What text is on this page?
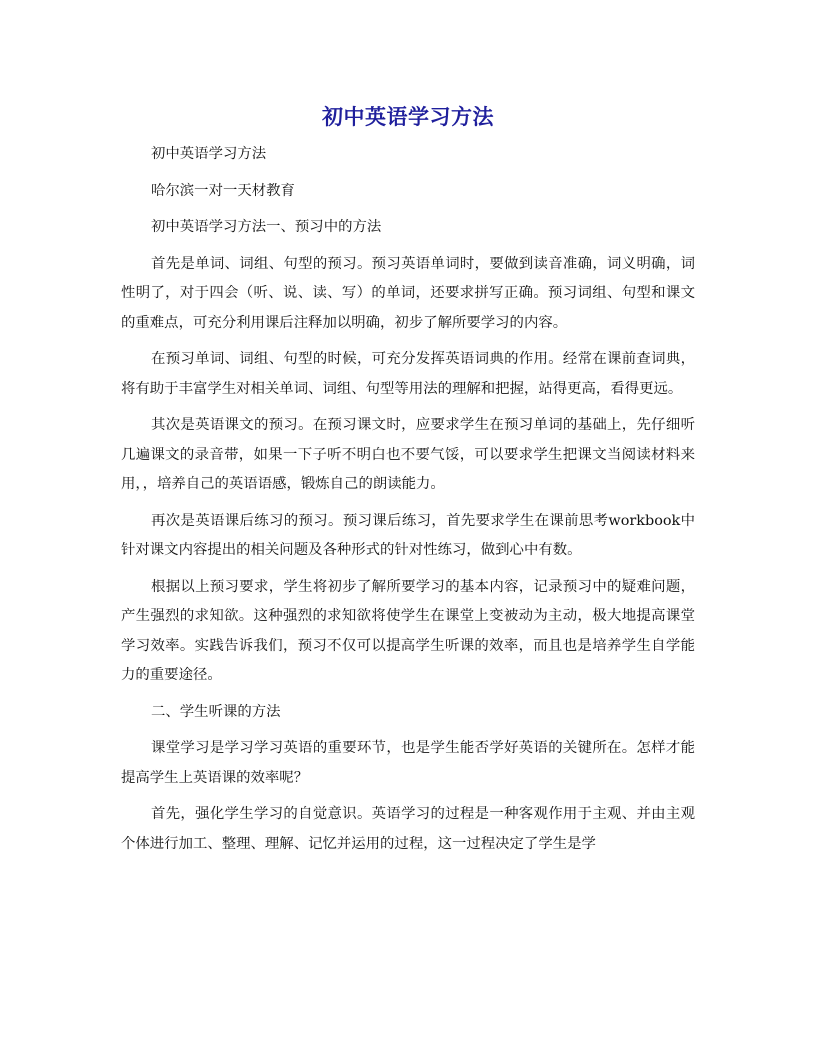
初中英语学习方法

初中英语学习方法

哈尔滨一对一天材教育

初中英语学习方法一、预习中的方法

首先是单词、词组、句型的预习。预习英语单词时，要做到读音准确，词义明确，词性明了，对于四会（听、说、读、写）的单词，还要求拼写正确。预习词组、句型和课文的重难点，可充分利用课后注释加以明确，初步了解所要学习的内容。

在预习单词、词组、句型的时候，可充分发挥英语词典的作用。经常在课前查词典，将有助于丰富学生对相关单词、词组、句型等用法的理解和把握，站得更高，看得更远。

其次是英语课文的预习。在预习课文时，应要求学生在预习单词的基础上，先仔细听几遍课文的录音带，如果一下子听不明白也不要气馁，可以要求学生把课文当阅读材料来用，，培养自己的英语语感，锻炼自己的朗读能力。

再次是英语课后练习的预习。预习课后练习，首先要求学生在课前思考workbook中针对课文内容提出的相关问题及各种形式的针对性练习，做到心中有数。

根据以上预习要求，学生将初步了解所要学习的基本内容，记录预习中的疑难问题，产生强烈的求知欲。这种强烈的求知欲将使学生在课堂上变被动为主动，极大地提高课堂学习效率。实践告诉我们，预习不仅可以提高学生听课的效率，而且也是培养学生自学能力的重要途径。

二、学生听课的方法

课堂学习是学习学习英语的重要环节，也是学生能否学好英语的关键所在。怎样才能提高学生上英语课的效率呢？

首先，强化学生学习的自觉意识。英语学习的过程是一种客观作用于主观、并由主观个体进行加工、整理、理解、记忆并运用的过程，这一过程决定了学生是学
